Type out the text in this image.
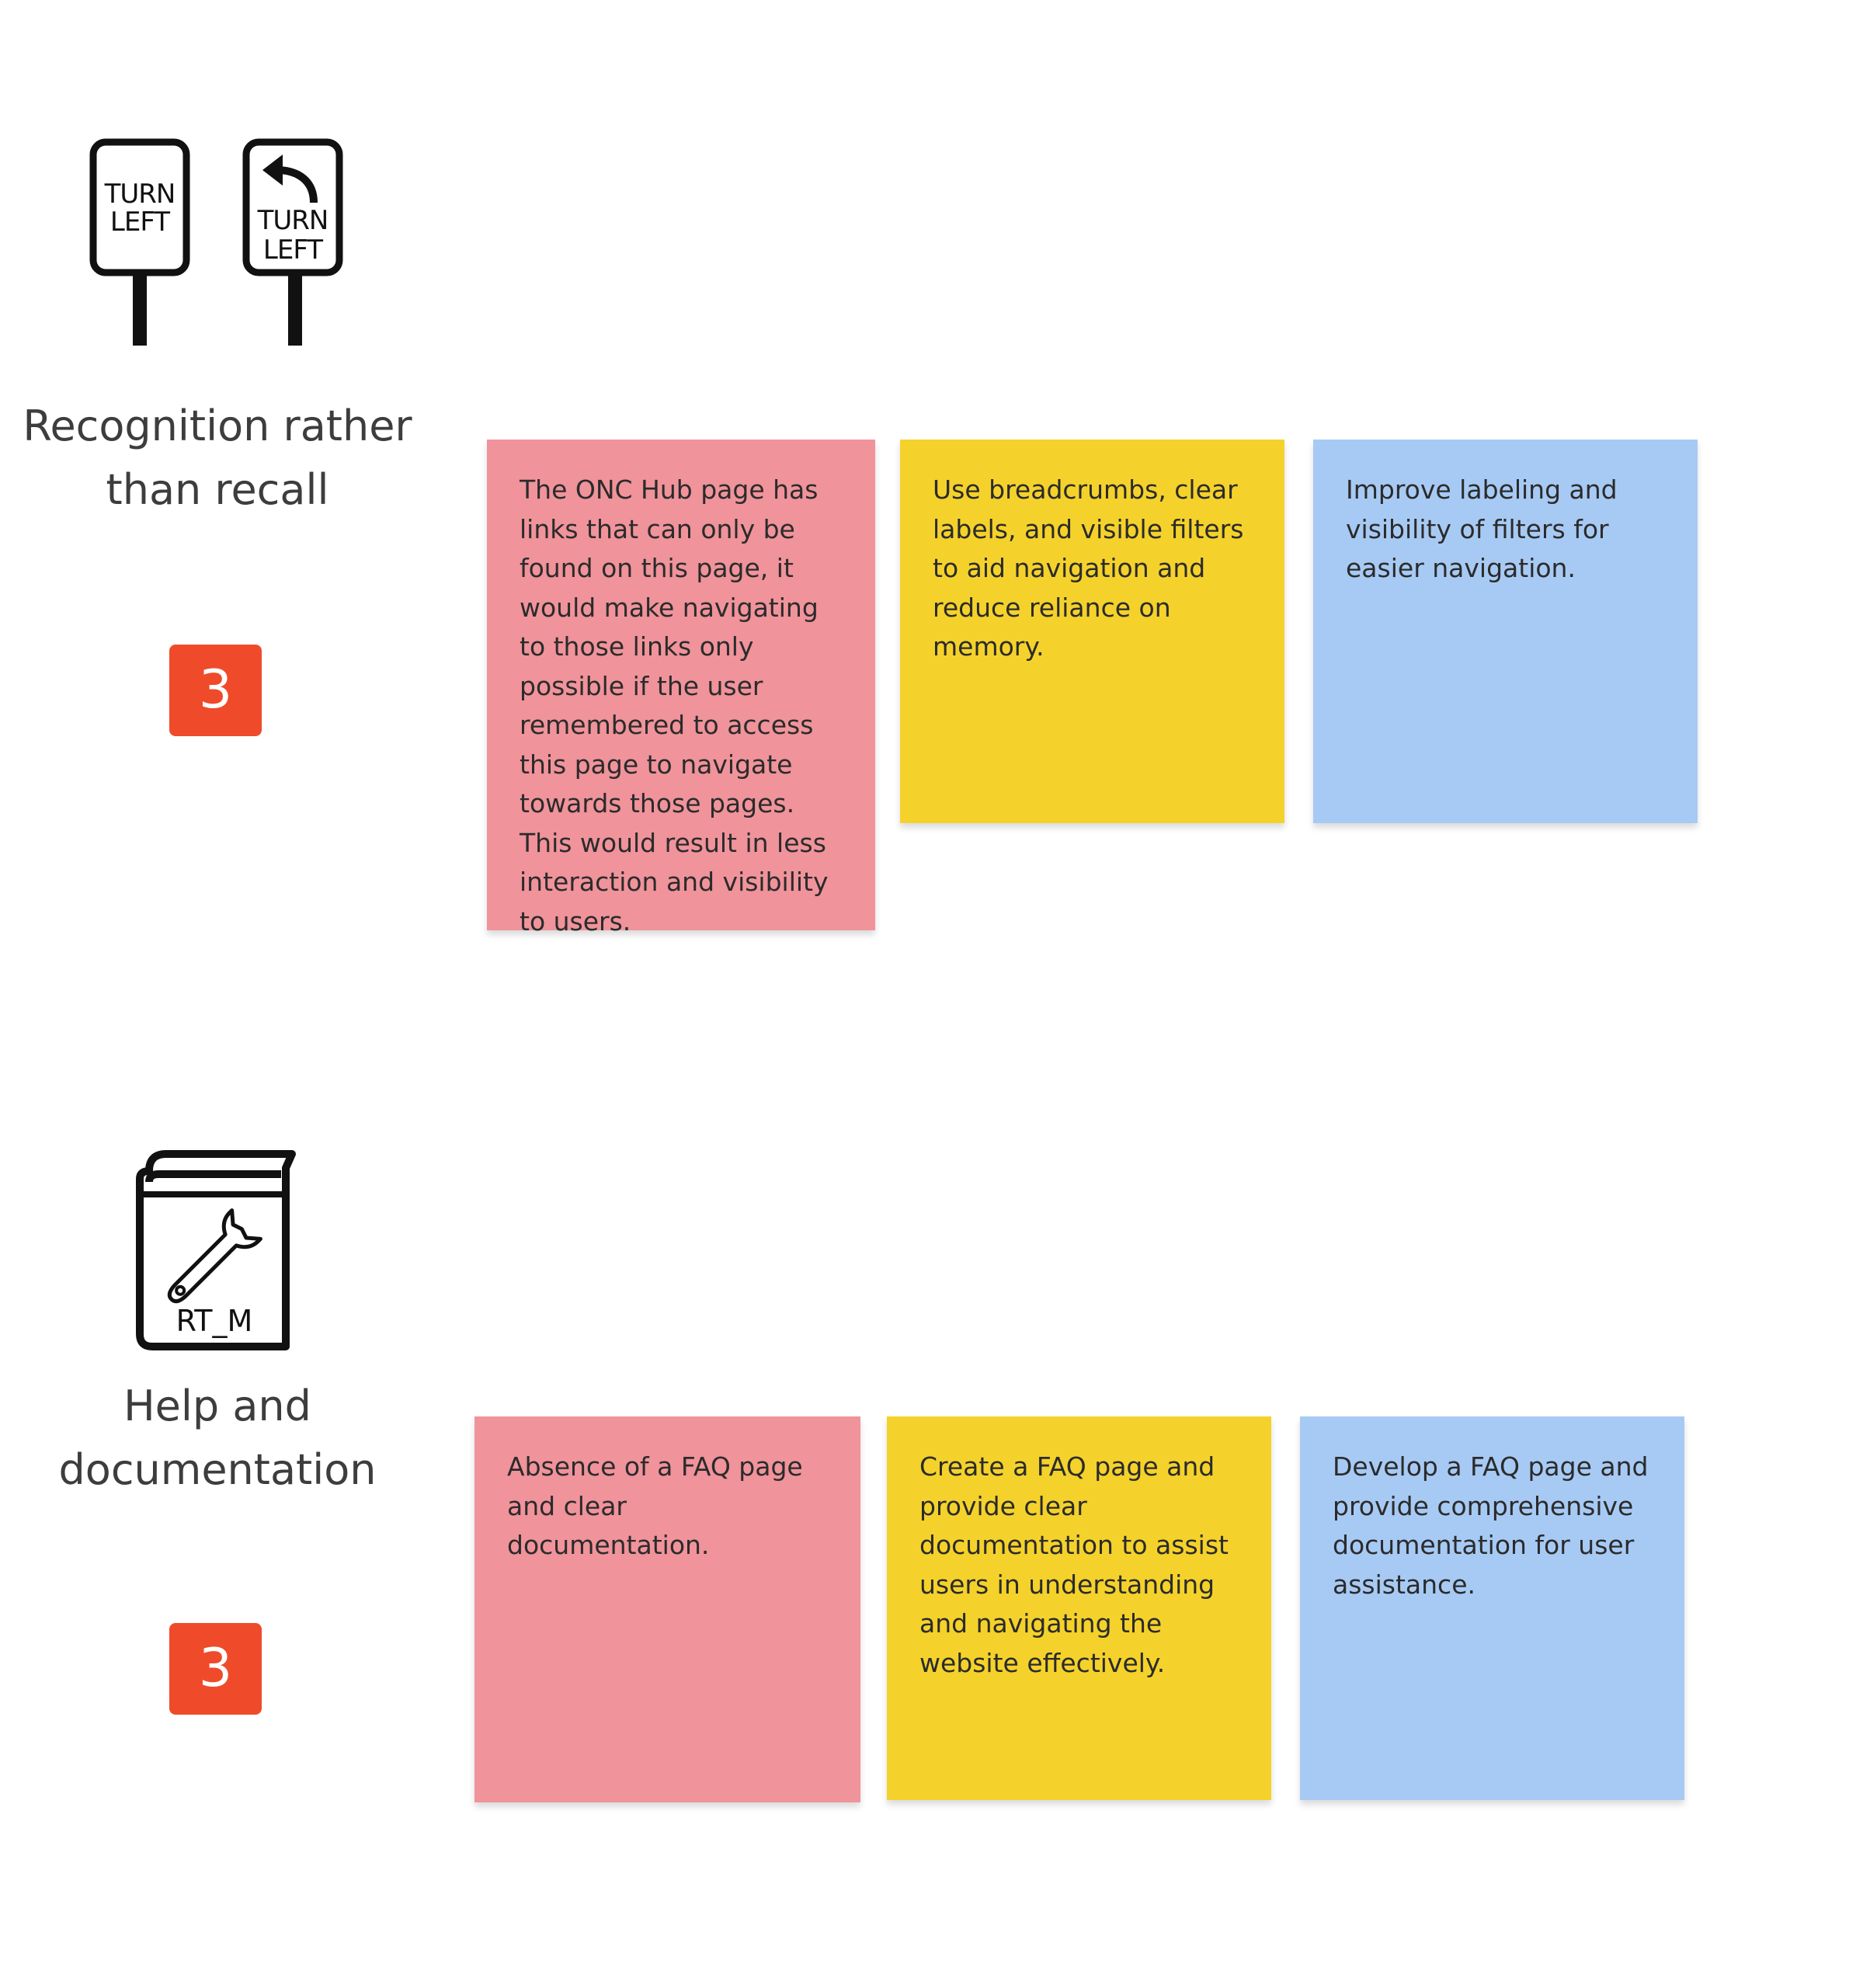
TURN
LEFT	TURN
LEFT
Recognition rather
than recall
3
The ONC Hub page has links that can only be found on this page, it would make navigating to those links only possible if the user remembered to access this page to navigate towards those pages. This would result in less interaction and visibility to users.
Use breadcrumbs, clear labels, and visible filters to aid navigation and reduce reliance on memory.
Improve labeling and visibility of filters for easier navigation.
RT_M
Help and
documentation
3
Absence of a FAQ page and clear documentation.
Create a FAQ page and provide clear documentation to assist users in understanding and navigating the website effectively.
Develop a FAQ page and provide comprehensive documentation for user assistance.
